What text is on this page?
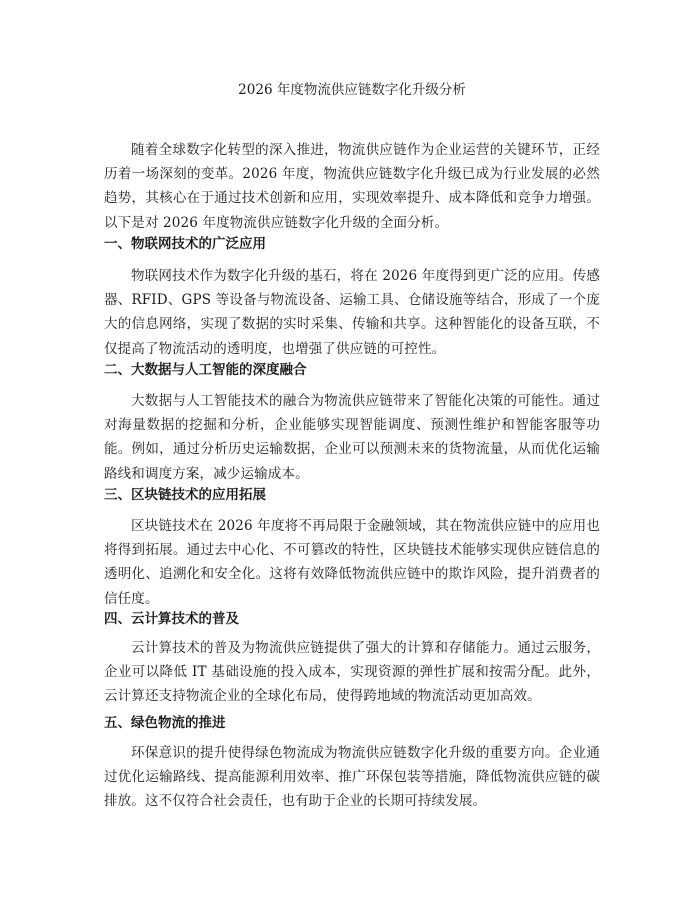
2026 年度物流供应链数字化升级分析

随着全球数字化转型的深入推进，物流供应链作为企业运营的关键环节，正经历着一场深刻的变革。2026 年度，物流供应链数字化升级已成为行业发展的必然趋势，其核心在于通过技术创新和应用，实现效率提升、成本降低和竞争力增强。以下是对 2026 年度物流供应链数字化升级的全面分析。

一、物联网技术的广泛应用

物联网技术作为数字化升级的基石，将在 2026 年度得到更广泛的应用。传感器、RFID、GPS 等设备与物流设备、运输工具、仓储设施等结合，形成了一个庞大的信息网络，实现了数据的实时采集、传输和共享。这种智能化的设备互联，不仅提高了物流活动的透明度，也增强了供应链的可控性。

二、大数据与人工智能的深度融合

大数据与人工智能技术的融合为物流供应链带来了智能化决策的可能性。通过对海量数据的挖掘和分析，企业能够实现智能调度、预测性维护和智能客服等功能。例如，通过分析历史运输数据，企业可以预测未来的货物流量，从而优化运输路线和调度方案，减少运输成本。

三、区块链技术的应用拓展

区块链技术在 2026 年度将不再局限于金融领域，其在物流供应链中的应用也将得到拓展。通过去中心化、不可篡改的特性，区块链技术能够实现供应链信息的透明化、追溯化和安全化。这将有效降低物流供应链中的欺诈风险，提升消费者的信任度。

四、云计算技术的普及

云计算技术的普及为物流供应链提供了强大的计算和存储能力。通过云服务，企业可以降低 IT 基础设施的投入成本，实现资源的弹性扩展和按需分配。此外，云计算还支持物流企业的全球化布局，使得跨地域的物流活动更加高效。

五、绿色物流的推进

环保意识的提升使得绿色物流成为物流供应链数字化升级的重要方向。企业通过优化运输路线、提高能源利用效率、推广环保包装等措施，降低物流供应链的碳排放。这不仅符合社会责任，也有助于企业的长期可持续发展。
